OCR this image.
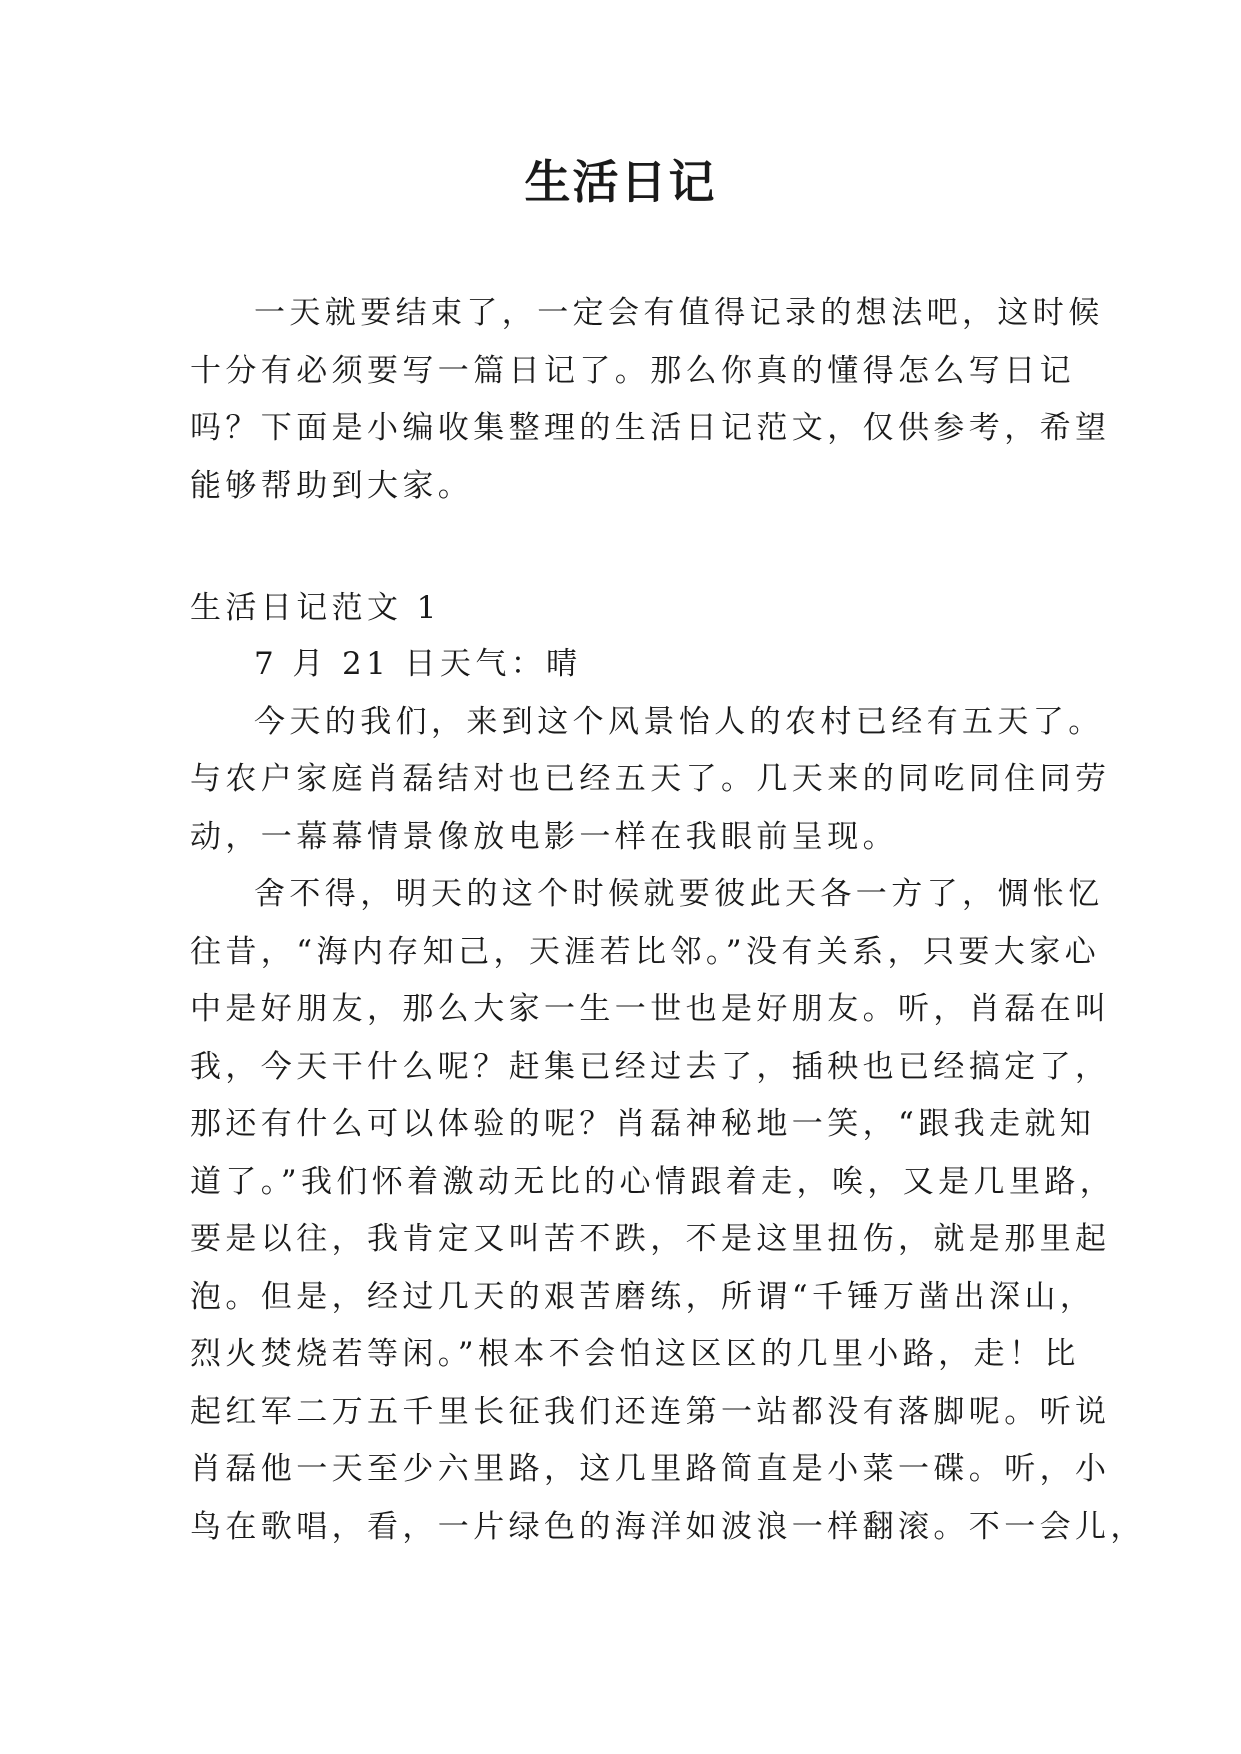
生活日记
一天就要结束了，一定会有值得记录的想法吧，这时候
十分有必须要写一篇日记了。那么你真的懂得怎么写日记
吗？下面是小编收集整理的生活日记范文，仅供参考，希望
能够帮助到大家。
生活日记范文 1
7 月 21 日天气：晴
今天的我们，来到这个风景怡人的农村已经有五天了。
与农户家庭肖磊结对也已经五天了。几天来的同吃同住同劳
动，一幕幕情景像放电影一样在我眼前呈现。
舍不得，明天的这个时候就要彼此天各一方了，惆怅忆
往昔，“海内存知己，天涯若比邻。”没有关系，只要大家心
中是好朋友，那么大家一生一世也是好朋友。听，肖磊在叫
我，今天干什么呢？赶集已经过去了，插秧也已经搞定了，
那还有什么可以体验的呢？肖磊神秘地一笑，“跟我走就知
道了。”我们怀着激动无比的心情跟着走，唉，又是几里路，
要是以往，我肯定又叫苦不跌，不是这里扭伤，就是那里起
泡。但是，经过几天的艰苦磨练，所谓“千锤万凿出深山，
烈火焚烧若等闲。”根本不会怕这区区的几里小路，走！比
起红军二万五千里长征我们还连第一站都没有落脚呢。听说
肖磊他一天至少六里路，这几里路简直是小菜一碟。听，小
鸟在歌唱，看，一片绿色的海洋如波浪一样翻滚。不一会儿，
